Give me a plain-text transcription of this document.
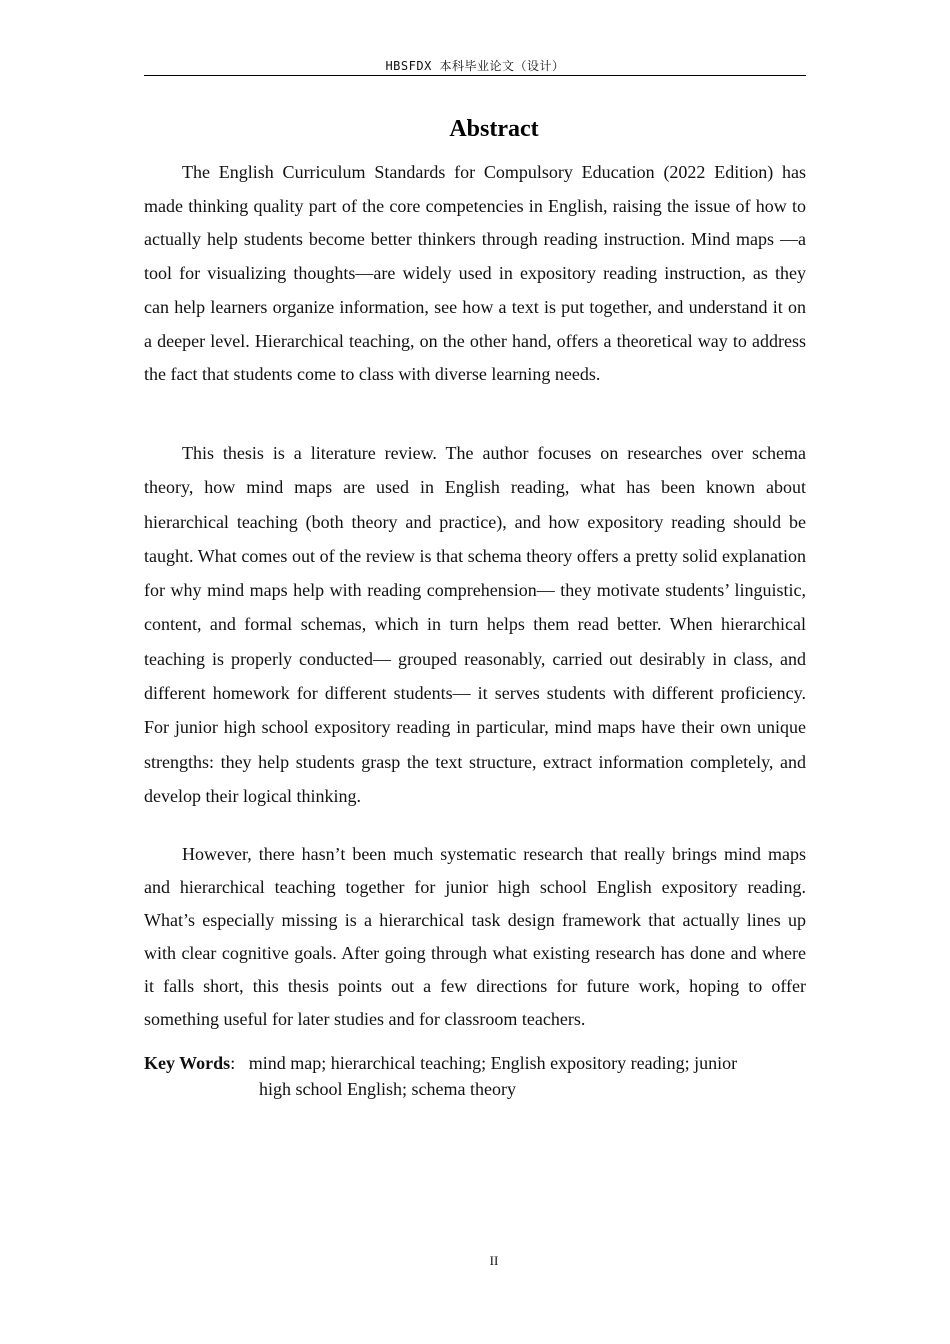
HBSFDX 本科毕业论文（设计）
Abstract

The English Curriculum Standards for Compulsory Education (2022 Edition) has made thinking quality part of the core competencies in English, raising the issue of how to actually help students become better thinkers through reading instruction. Mind maps —a tool for visualizing thoughts—are widely used in expository reading instruction, as they can help learners organize information, see how a text is put together, and understand it on a deeper level. Hierarchical teaching, on the other hand, offers a theoretical way to address the fact that students come to class with diverse learning needs.

This thesis is a literature review. The author focuses on researches over schema theory, how mind maps are used in English reading, what has been known about hierarchical teaching (both theory and practice), and how expository reading should be taught. What comes out of the review is that schema theory offers a pretty solid explanation for why mind maps help with reading comprehension— they motivate students’ linguistic, content, and formal schemas, which in turn helps them read better. When hierarchical teaching is properly conducted— grouped reasonably, carried out desirably in class, and different homework for different students— it serves students with different proficiency. For junior high school expository reading in particular, mind maps have their own unique strengths: they help students grasp the text structure, extract information completely, and develop their logical thinking.

However, there hasn’t been much systematic research that really brings mind maps and hierarchical teaching together for junior high school English expository reading. What’s especially missing is a hierarchical task design framework that actually lines up with clear cognitive goals. After going through what existing research has done and where it falls short, this thesis points out a few directions for future work, hoping to offer something useful for later studies and for classroom teachers.

Key Words: mind map; hierarchical teaching; English expository reading; junior
high school English; schema theory
II
